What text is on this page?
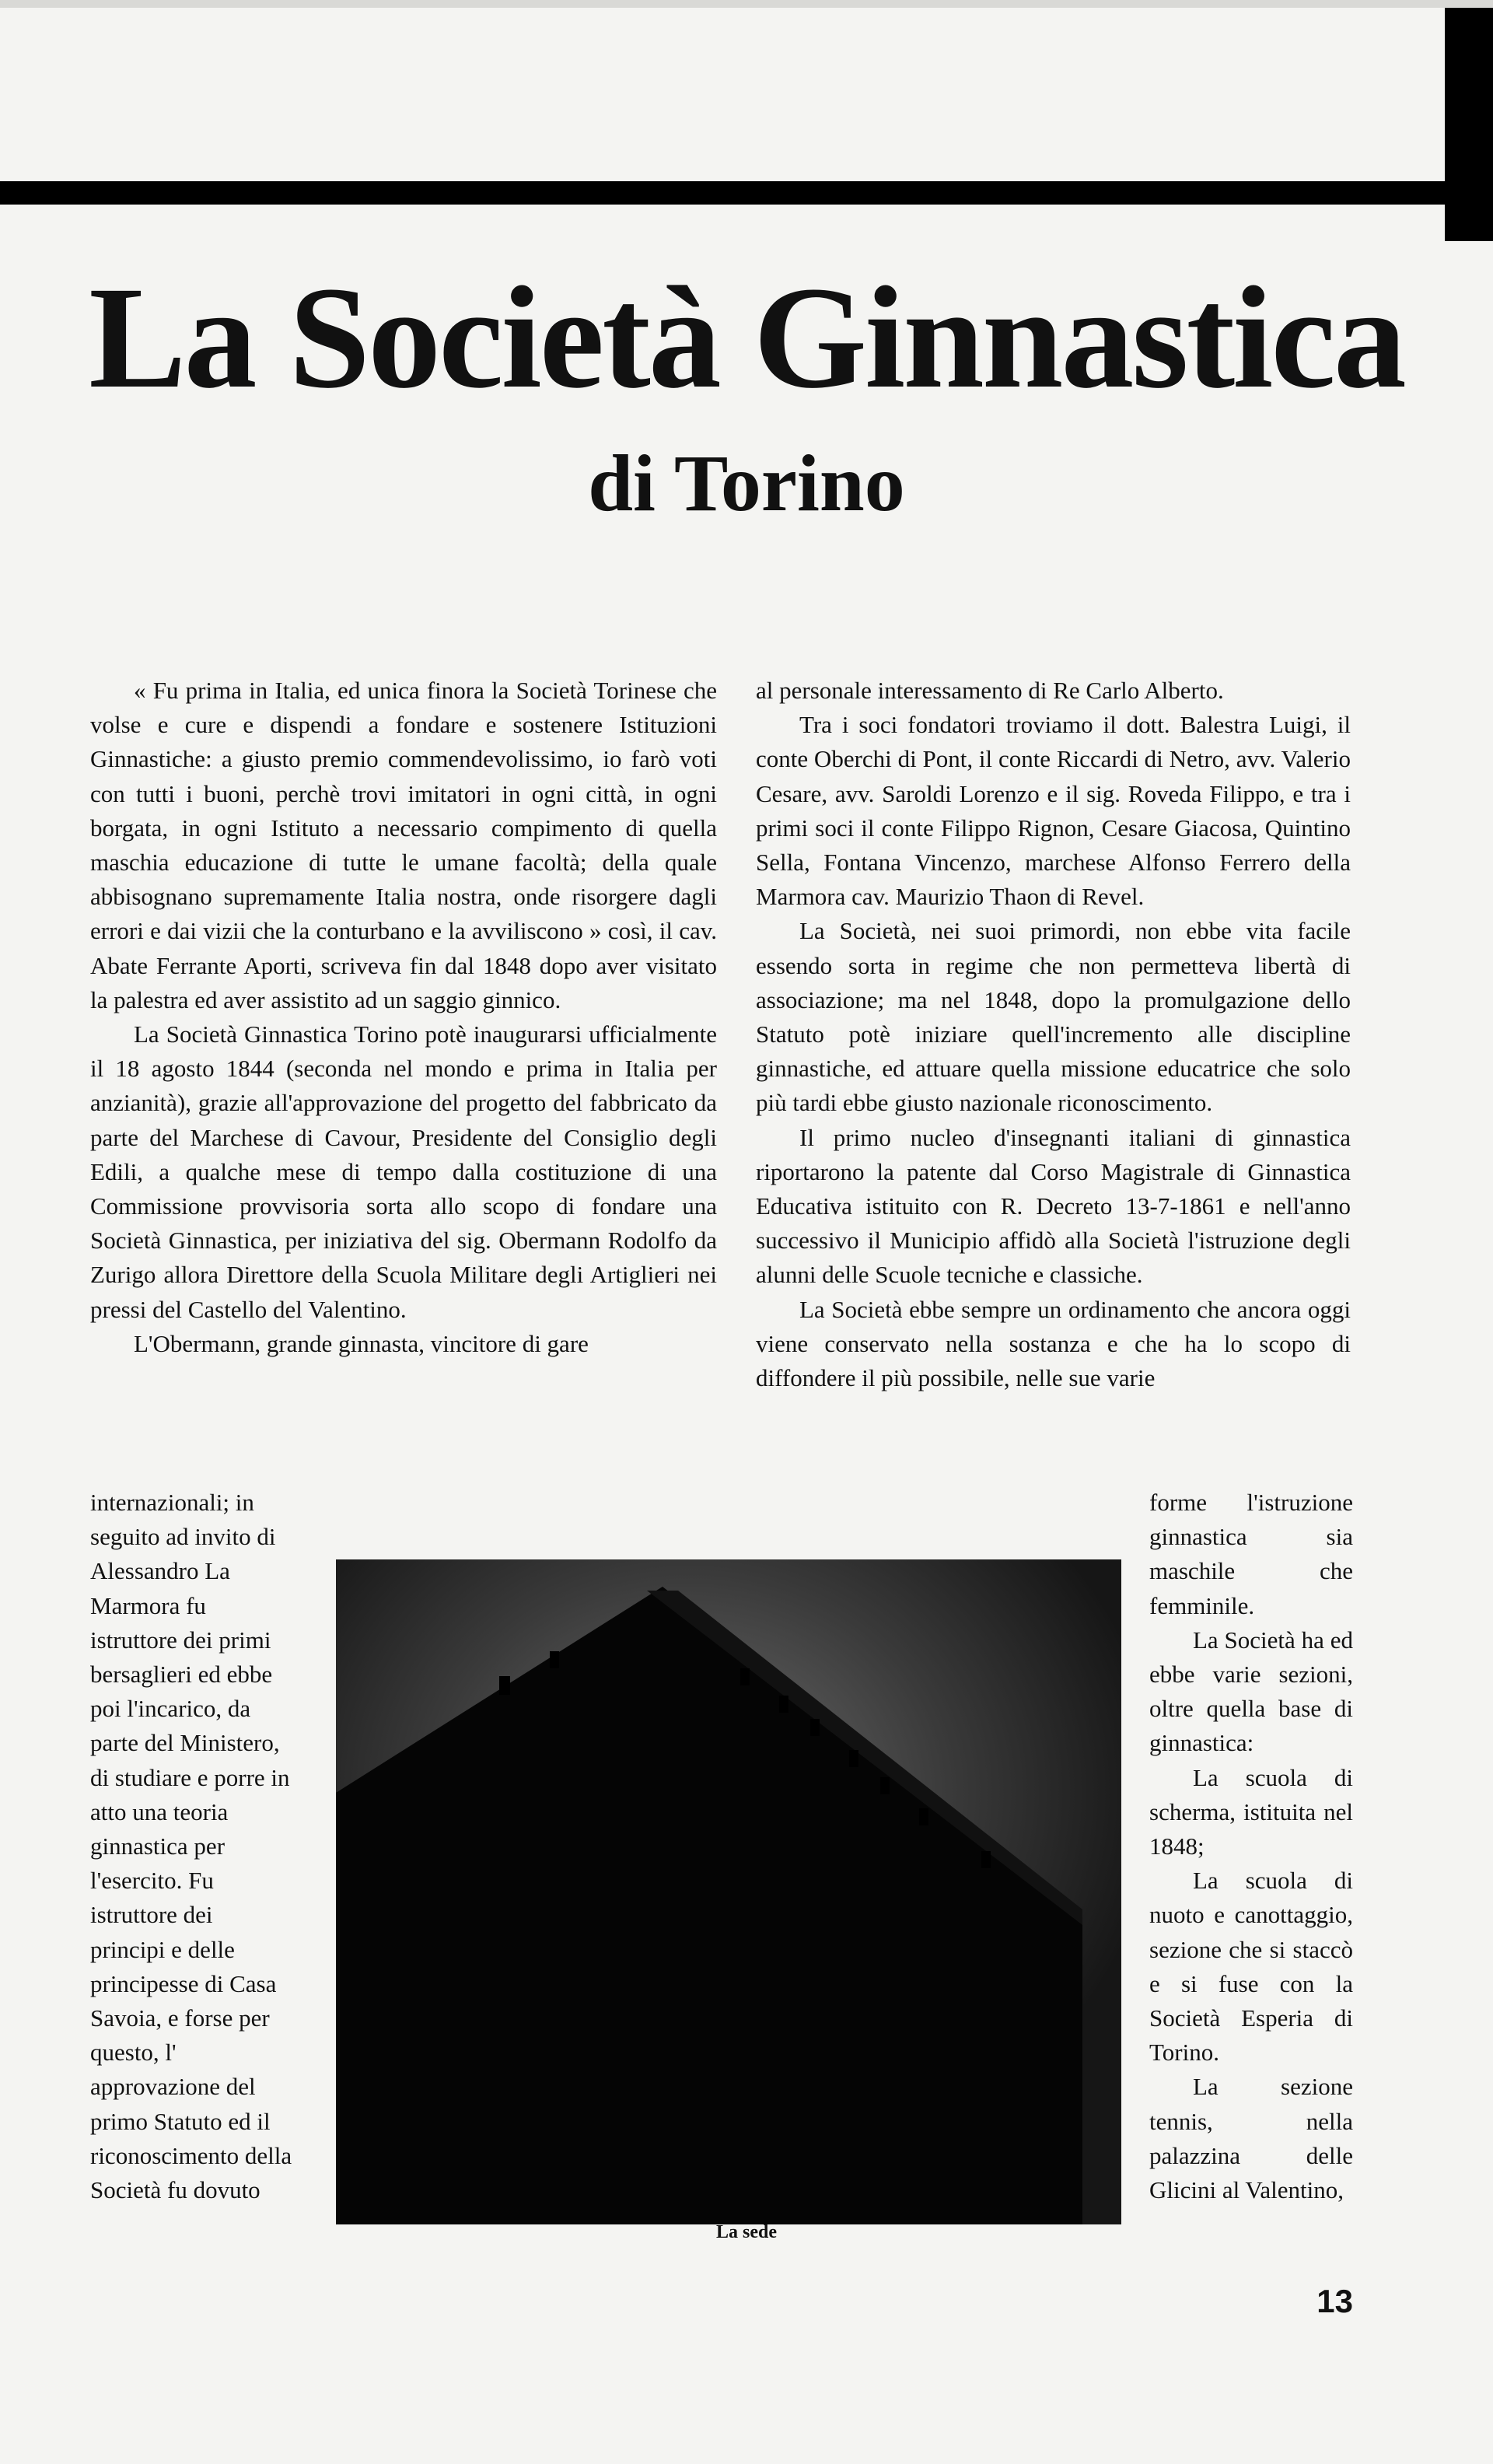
La Società Ginnastica
di Torino

« Fu prima in Italia, ed unica finora la Società Torinese che volse e cure e dispendi a fondare e sostenere Istituzioni Ginnastiche: a giusto premio commendevolissimo, io farò voti con tutti i buoni, perchè trovi imitatori in ogni città, in ogni borgata, in ogni Istituto a necessario compimento di quella maschia educazione di tutte le umane facoltà; della quale abbisognano supremamente Italia nostra, onde risorgere dagli errori e dai vizii che la conturbano e la avviliscono » così, il cav. Abate Ferrante Aporti, scriveva fin dal 1848 dopo aver visitato la palestra ed aver assistito ad un saggio ginnico.

La Società Ginnastica Torino potè inaugurarsi ufficialmente il 18 agosto 1844 (seconda nel mondo e prima in Italia per anzianità), grazie all'approvazione del progetto del fabbricato da parte del Marchese di Cavour, Presidente del Consiglio degli Edili, a qualche mese di tempo dalla costituzione di una Commissione provvisoria sorta allo scopo di fondare una Società Ginnastica, per iniziativa del sig. Obermann Rodolfo da Zurigo allora Direttore della Scuola Militare degli Artiglieri nei pressi del Castello del Valentino.

L'Obermann, grande ginnasta, vincitore di gare

al personale interessamento di Re Carlo Alberto.

Tra i soci fondatori troviamo il dott. Balestra Luigi, il conte Oberchi di Pont, il conte Riccardi di Netro, avv. Valerio Cesare, avv. Saroldi Lorenzo e il sig. Roveda Filippo, e tra i primi soci il conte Filippo Rignon, Cesare Giacosa, Quintino Sella, Fontana Vincenzo, marchese Alfonso Ferrero della Marmora cav. Maurizio Thaon di Revel.

La Società, nei suoi primordi, non ebbe vita facile essendo sorta in regime che non permetteva libertà di associazione; ma nel 1848, dopo la promulgazione dello Statuto potè iniziare quell'incremento alle discipline ginnastiche, ed attuare quella missione educatrice che solo più tardi ebbe giusto nazionale riconoscimento.

Il primo nucleo d'insegnanti italiani di ginnastica riportarono la patente dal Corso Magistrale di Ginnastica Educativa istituito con R. Decreto 13-7-1861 e nell'anno successivo il Municipio affidò alla Società l'istruzione degli alunni delle Scuole tecniche e classiche.

La Società ebbe sempre un ordinamento che ancora oggi viene conservato nella sostanza e che ha lo scopo di diffondere il più possibile, nelle sue varie

internazionali; in seguito ad invito di Alessandro La Marmora fu istruttore dei primi bersaglieri ed ebbe poi l'incarico, da parte del Ministero, di studiare e porre in atto una teoria ginnastica per l'esercito. Fu istruttore dei principi e delle principesse di Casa Savoia, e forse per questo, l' approvazione del primo Statuto ed il riconoscimento della Società fu dovuto

forme l'istruzione ginnastica sia maschile che femminile.

La Società ha ed ebbe varie sezioni, oltre quella base di ginnastica:

La scuola di scherma, istituita nel 1848;

La scuola di nuoto e canottaggio, sezione che si staccò e si fuse con la Società Esperia di Torino.

La sezione tennis, nella palazzina delle Glicini al Valentino,

La sede
13
